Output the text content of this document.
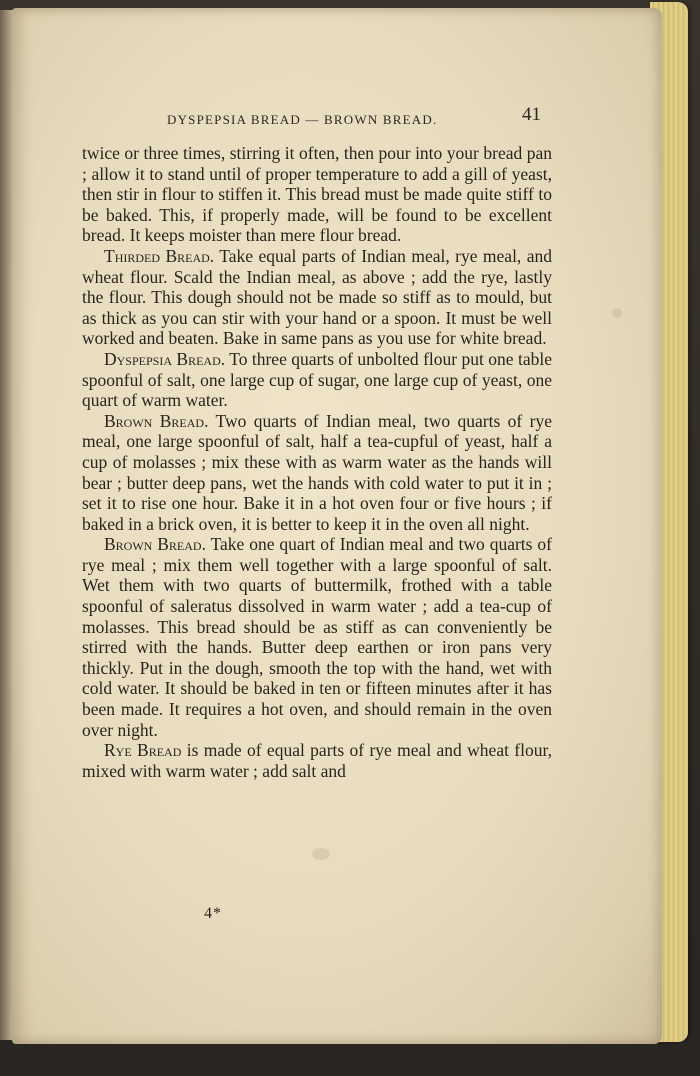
DYSPEPSIA BREAD — BROWN BREAD.	41

twice or three times, stirring it often, then pour into your bread pan ; allow it to stand until of proper temperature to add a gill of yeast, then stir in flour to stiffen it. This bread must be made quite stiff to be baked. This, if properly made, will be found to be excellent bread. It keeps moister than mere flour bread.

Thirded Bread. Take equal parts of Indian meal, rye meal, and wheat flour. Scald the Indian meal, as above ; add the rye, lastly the flour. This dough should not be made so stiff as to mould, but as thick as you can stir with your hand or a spoon. It must be well worked and beaten. Bake in same pans as you use for white bread.

Dyspepsia Bread. To three quarts of unbolted flour put one table spoonful of salt, one large cup of sugar, one large cup of yeast, one quart of warm water.

Brown Bread. Two quarts of Indian meal, two quarts of rye meal, one large spoonful of salt, half a tea-cupful of yeast, half a cup of molasses ; mix these with as warm water as the hands will bear ; butter deep pans, wet the hands with cold water to put it in ; set it to rise one hour. Bake it in a hot oven four or five hours ; if baked in a brick oven, it is better to keep it in the oven all night.

Brown Bread. Take one quart of Indian meal and two quarts of rye meal ; mix them well together with a large spoonful of salt. Wet them with two quarts of buttermilk, frothed with a table spoonful of saleratus dissolved in warm water ; add a tea-cup of molasses. This bread should be as stiff as can conveniently be stirred with the hands. Butter deep earthen or iron pans very thickly. Put in the dough, smooth the top with the hand, wet with cold water. It should be baked in ten or fifteen minutes after it has been made. It requires a hot oven, and should remain in the oven over night.

Rye Bread is made of equal parts of rye meal and wheat flour, mixed with warm water ; add salt and

4*
